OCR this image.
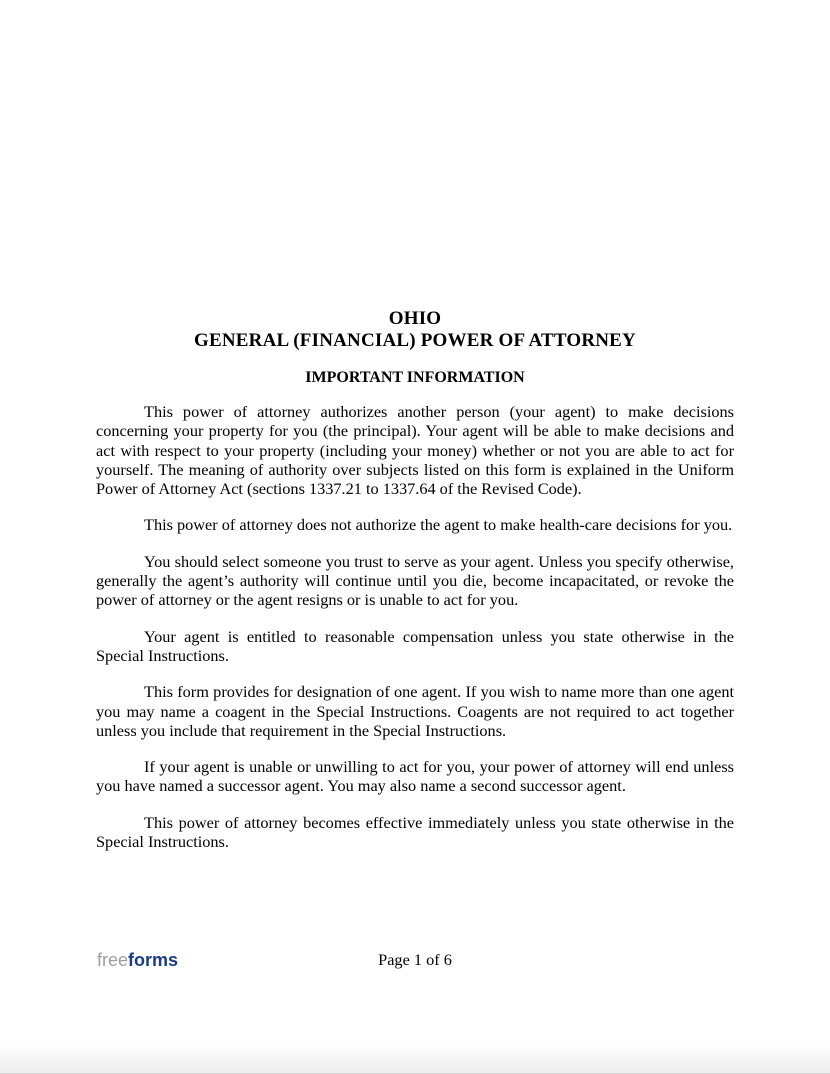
OHIO
GENERAL (FINANCIAL) POWER OF ATTORNEY
IMPORTANT INFORMATION

This power of attorney authorizes another person (your agent) to make decisions concerning your property for you (the principal). Your agent will be able to make decisions and act with respect to your property (including your money) whether or not you are able to act for yourself. The meaning of authority over subjects listed on this form is explained in the Uniform Power of Attorney Act (sections 1337.21 to 1337.64 of the Revised Code).

This power of attorney does not authorize the agent to make health-care decisions for you.

You should select someone you trust to serve as your agent. Unless you specify otherwise, generally the agent’s authority will continue until you die, become incapacitated, or revoke the power of attorney or the agent resigns or is unable to act for you.

Your agent is entitled to reasonable compensation unless you state otherwise in the Special Instructions.

This form provides for designation of one agent. If you wish to name more than one agent you may name a coagent in the Special Instructions. Coagents are not required to act together unless you include that requirement in the Special Instructions.

If your agent is unable or unwilling to act for you, your power of attorney will end unless you have named a successor agent. You may also name a second successor agent.

This power of attorney becomes effective immediately unless you state otherwise in the Special Instructions.

freeforms	Page 1 of 6
